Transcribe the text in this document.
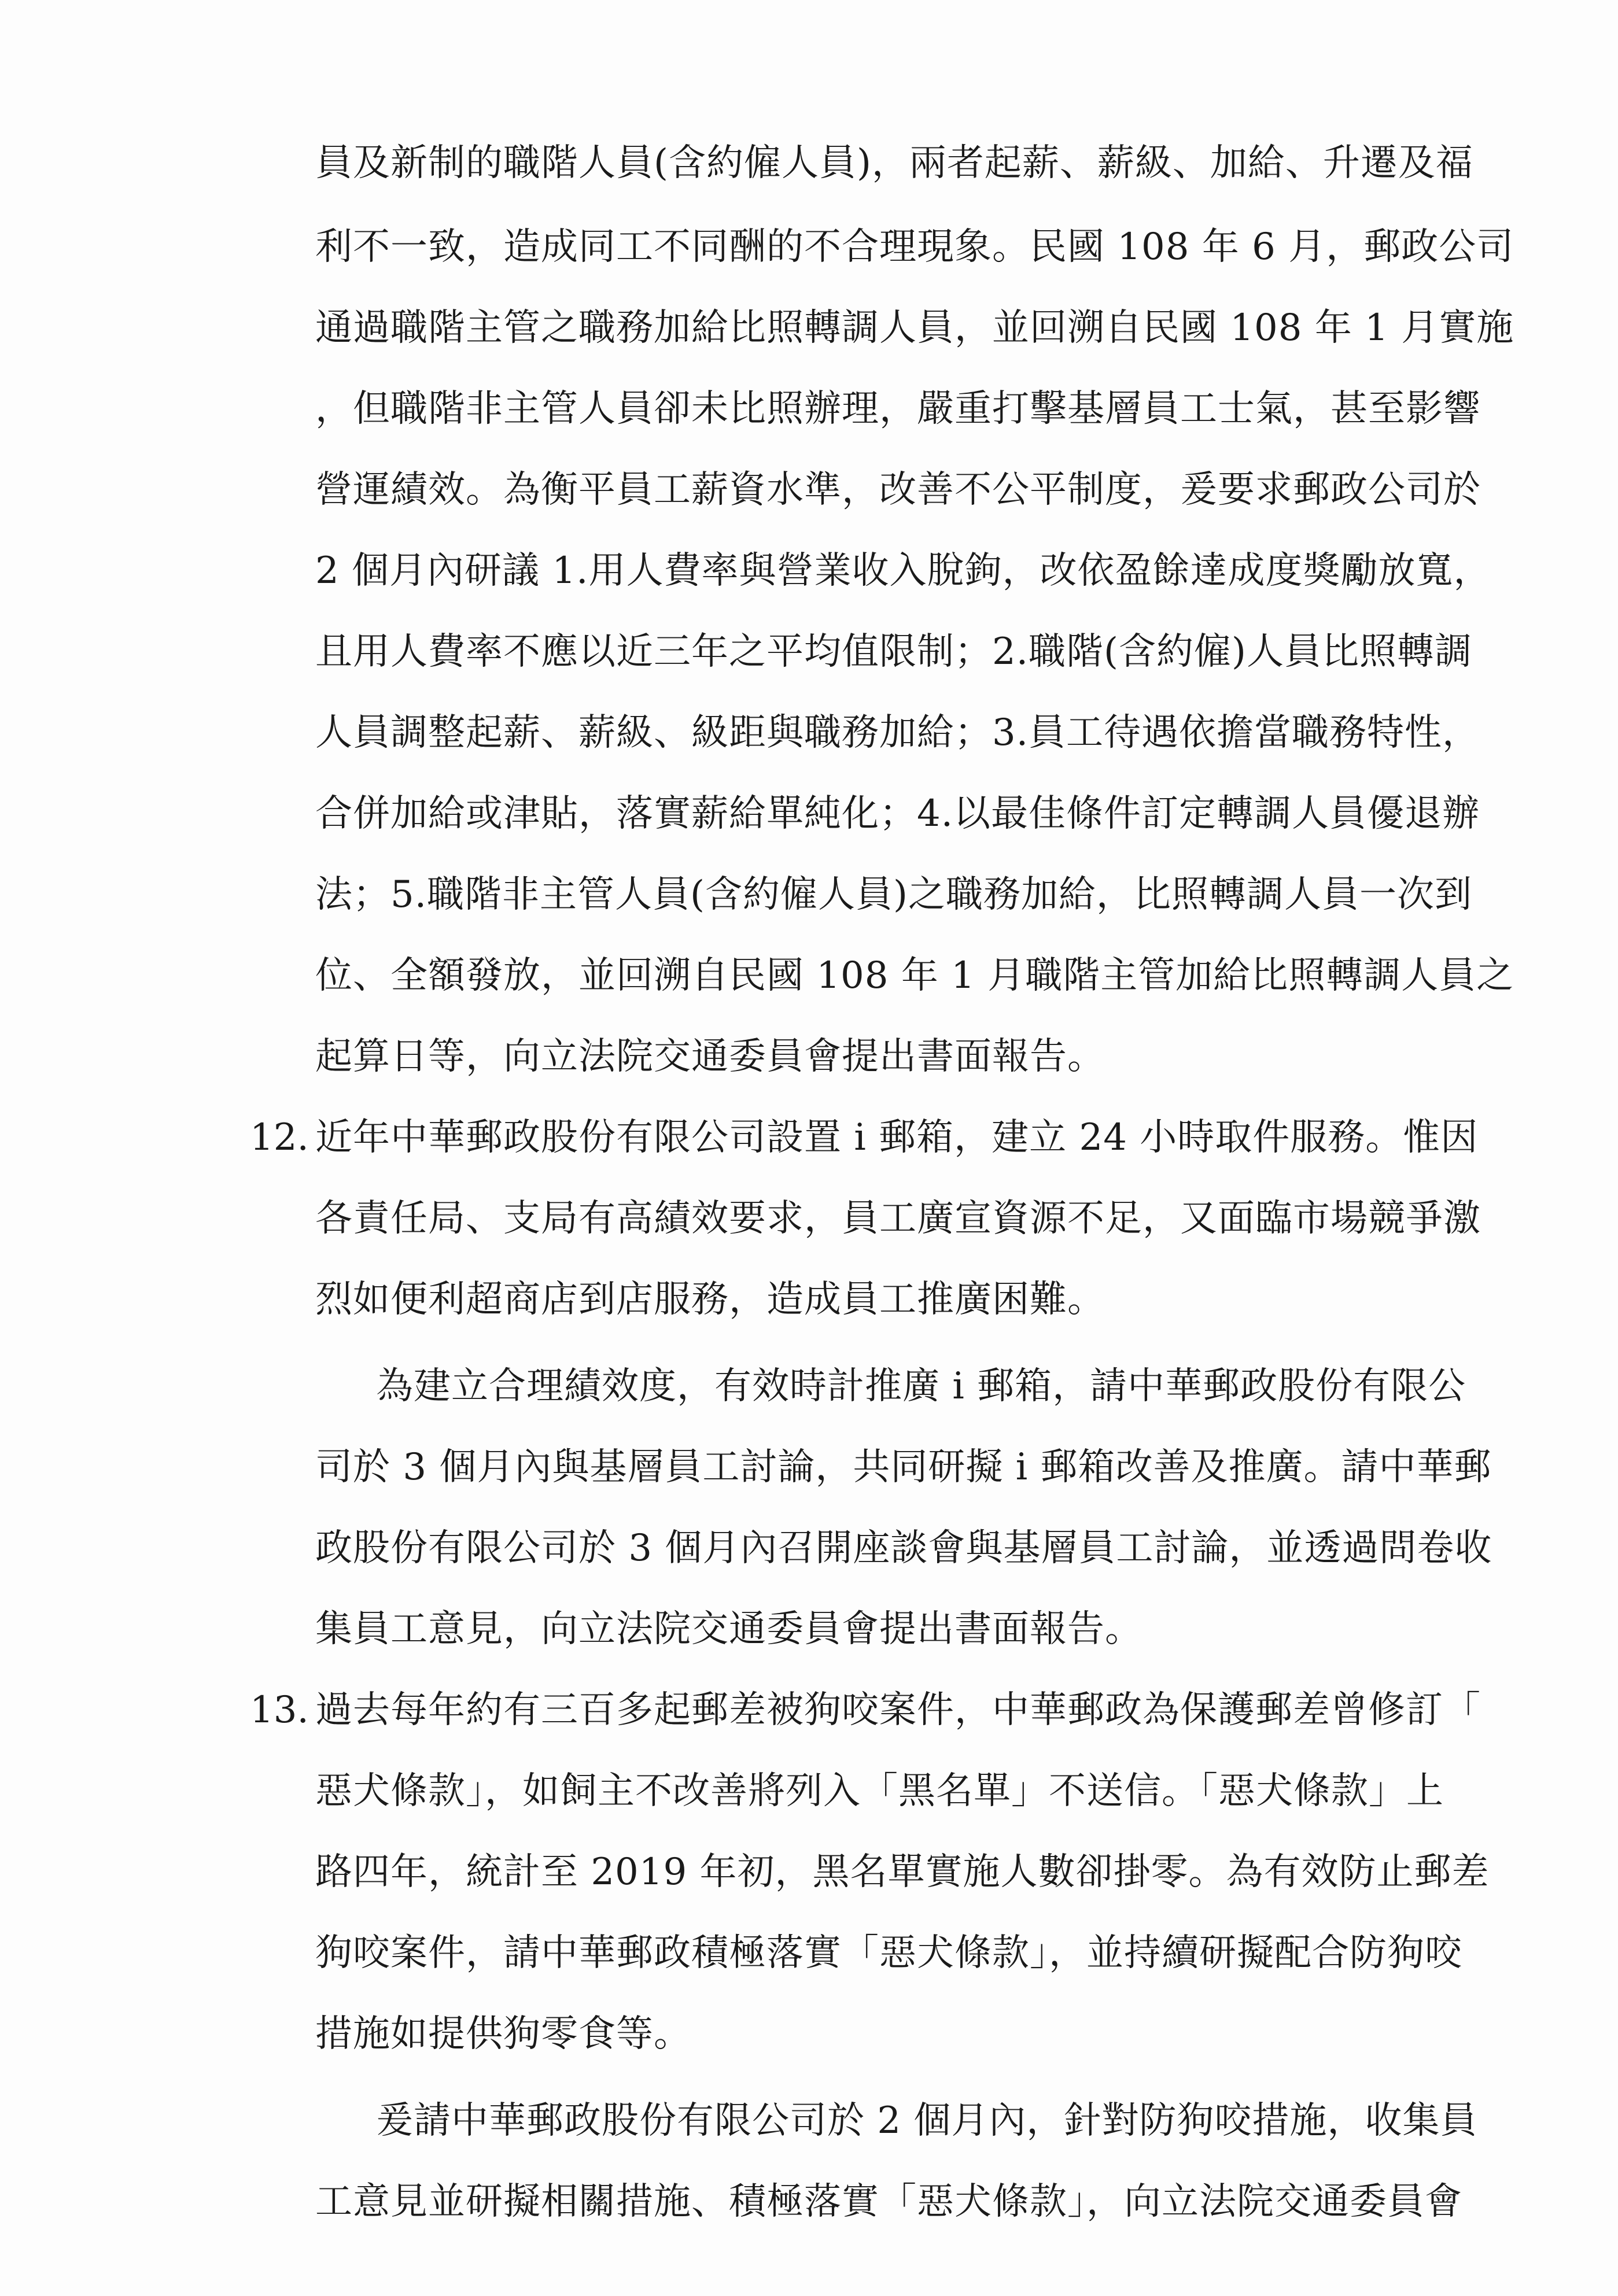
員及新制的職階人員(含約僱人員)，兩者起薪、薪級、加給、升遷及福
利不一致，造成同工不同酬的不合理現象。民國 108 年 6 月，郵政公司
通過職階主管之職務加給比照轉調人員，並回溯自民國 108 年 1 月實施
，但職階非主管人員卻未比照辦理，嚴重打擊基層員工士氣，甚至影響
營運績效。為衡平員工薪資水準，改善不公平制度，爰要求郵政公司於
2 個月內研議 1.用人費率與營業收入脫鉤，改依盈餘達成度獎勵放寬，
且用人費率不應以近三年之平均值限制；2.職階(含約僱)人員比照轉調
人員調整起薪、薪級、級距與職務加給；3.員工待遇依擔當職務特性，
合併加給或津貼，落實薪給單純化；4.以最佳條件訂定轉調人員優退辦
法；5.職階非主管人員(含約僱人員)之職務加給，比照轉調人員一次到
位、全額發放，並回溯自民國 108 年 1 月職階主管加給比照轉調人員之
起算日等，向立法院交通委員會提出書面報告。
12. 近年中華郵政股份有限公司設置 i 郵箱，建立 24 小時取件服務。惟因
各責任局、支局有高績效要求，員工廣宣資源不足，又面臨市場競爭激
烈如便利超商店到店服務，造成員工推廣困難。
為建立合理績效度，有效時計推廣 i 郵箱，請中華郵政股份有限公
司於 3 個月內與基層員工討論，共同研擬 i 郵箱改善及推廣。請中華郵
政股份有限公司於 3 個月內召開座談會與基層員工討論，並透過問卷收
集員工意見，向立法院交通委員會提出書面報告。
13. 過去每年約有三百多起郵差被狗咬案件，中華郵政為保護郵差曾修訂「
惡犬條款」，如飼主不改善將列入「黑名單」不送信。「惡犬條款」上
路四年，統計至 2019 年初，黑名單實施人數卻掛零。為有效防止郵差
狗咬案件，請中華郵政積極落實「惡犬條款」，並持續研擬配合防狗咬
措施如提供狗零食等。
爰請中華郵政股份有限公司於 2 個月內，針對防狗咬措施，收集員
工意見並研擬相關措施、積極落實「惡犬條款」，向立法院交通委員會
